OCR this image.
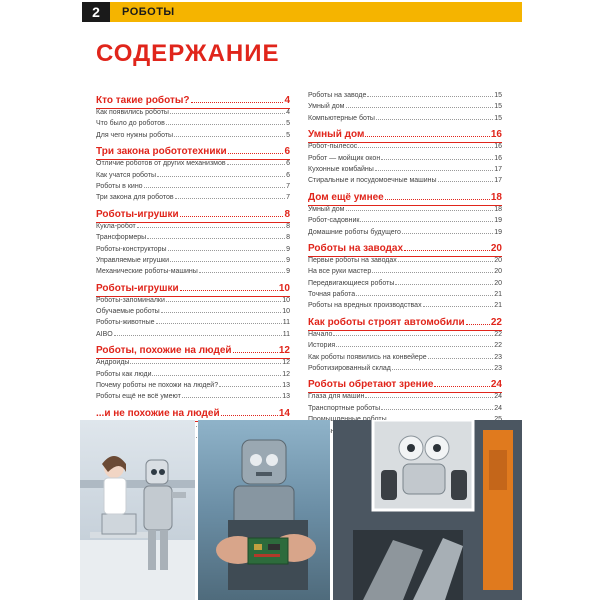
2	РОБОТЫ
СОДЕРЖАНИЕ
Кто такие роботы?	4
Как появились роботы	4
Что было до роботов	5
Для чего нужны роботы	5
Три закона робототехники	6
Отличие роботов от других механизмов	6
Как учатся роботы	6
Роботы в кино	7
Три закона для роботов	7
Роботы-игрушки	8
Кукла-робот	8
Трансформеры	8
Роботы-конструкторы	9
Управляемые игрушки	9
Механические роботы-машины	9
Роботы-игрушки	10
Роботы-запоминалки	10
Обучаемые роботы	10
Роботы-животные	11
AIBO	11
Роботы, похожие на людей	12
Андроиды	12
Роботы как люди	12
Почему роботы не похожи на людей?	13
Роботы ещё не всё умеют	13
...и не похожие на людей	14
Роботы на заводе	15
Умный дом	15
Компьютерные боты	15
Умный дом	16
Робот-пылесос	16
Робот — мойщик окон	16
Кухонные комбайны	17
Стиральные и посудомоечные машины	17
Дом ещё умнее	18
Умный дом	18
Робот-садовник	19
Домашние роботы будущего	19
Роботы на заводах	20
Первые роботы на заводах	20
На все руки мастер	20
Передвигающиеся роботы	20
Точная работа	21
Роботы на вредных производствах	21
Как роботы строят автомобили	22
Начало	22
История	22
Как роботы появились на конвейере	23
Роботизированный склад	23
Роботы обретают зрение	24
Глаза для машин	24
Транспортные роботы	24
